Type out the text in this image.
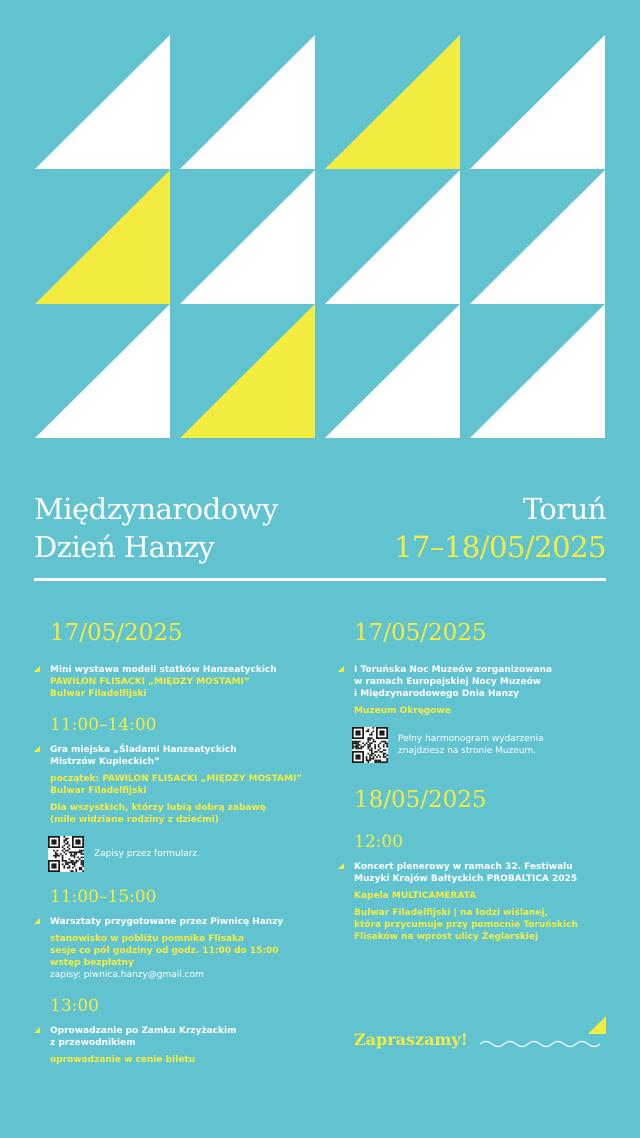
Międzynarodowy
Dzień Hanzy
Toruń
17–18/05/2025
17/05/2025
Mini wystawa modeli statków Hanzeatyckich
PAWILON FLISACKI „MIĘDZY MOSTAMI”
Bulwar Filadelfijski
11:00–14:00
Gra miejska „Śladami Hanzeatyckich
Mistrzów Kupieckich”
początek: PAWILON FLISACKI „MIĘDZY MOSTAMI”
Bulwar Filadelfijski
Dla wszystkich, którzy lubią dobrą zabawę
(mile widziane rodziny z dziećmi)
Zapisy przez formularz.
11:00–15:00
Warsztaty przygotowane przez Piwnicę Hanzy
stanowisko w pobliżu pomnika Flisaka
sesje co pół godziny od godz. 11:00 do 15:00
wstęp bezpłatny
zapisy: piwnica.hanzy@gmail.com
13:00
Oprowadzanie po Zamku Krzyżackim
z przewodnikiem
oprowadzanie w cenie biletu
17/05/2025
I Toruńska Noc Muzeów zorganizowana
w ramach Europejskiej Nocy Muzeów
i Międzynarodowego Dnia Hanzy
Muzeum Okręgowe
Pełny harmonogram wydarzenia
znajdziesz na stronie Muzeum.
18/05/2025
12:00
Koncert plenerowy w ramach 32. Festiwalu
Muzyki Krajów Bałtyckich PROBALTICA 2025
Kapela MULTICAMERATA
Bulwar Filadelfijski | na łodzi wiślanej,
która przycumuje przy pomocnie Toruńskich
Flisaków na wprost ulicy Żeglarskiej
Zapraszamy!
